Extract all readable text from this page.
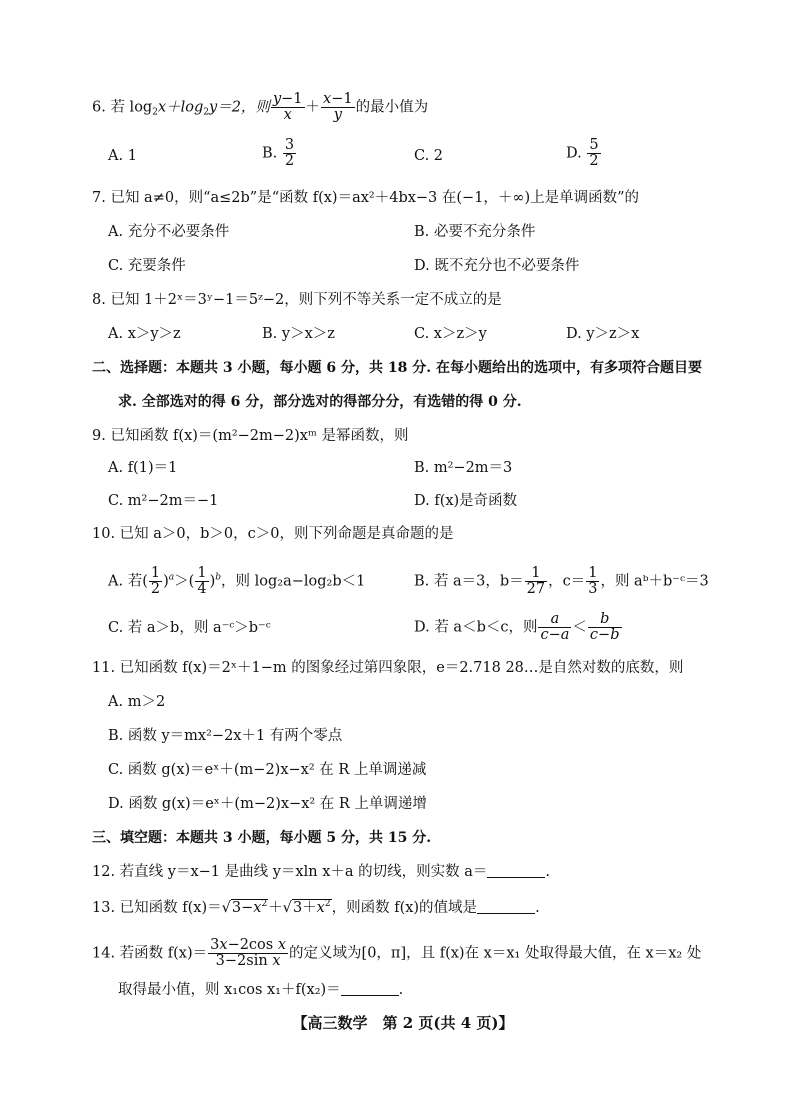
6. 若 $\log_2x+\log_2y=2$，则 $\frac{y-1}{x} + \frac{x-1}{y}$ 的最小值为
A. 1	B. $\frac{3}{2}$	C. 2	D. $\frac{5}{2}$
7. 已知 a≠0，则“a≤2b”是“函数 f(x)＝ax²＋4bx−3 在(−1，＋∞)上是单调函数”的
A. 充分不必要条件	B. 必要不充分条件
C. 充要条件	D. 既不充分也不必要条件
8. 已知 1＋2ˣ＝3ʸ−1＝5ᶻ−2，则下列不等关系一定不成立的是
A. x＞y＞z	B. y＞x＞z	C. x＞z＞y	D. y＞z＞x
二、选择题：本题共 3 小题，每小题 6 分，共 18 分. 在每小题给出的选项中，有多项符合题目要
求. 全部选对的得 6 分，部分选对的得部分分，有选错的得 0 分.
9. 已知函数 f(x)＝(m²−2m−2)xᵐ 是幂函数，则
A. f(1)＝1	B. m²−2m＝3
C. m²−2m＝−1	D. f(x)是奇函数
10. 已知 a＞0，b＞0，c＞0，则下列命题是真命题的是
A. 若( $\frac{1}{2} )^a>( \frac{1}{4} )^b$，则 log₂a−log₂b＜1	B. 若 a＝3，$b= \frac{1}{27}$ ，$c= \frac{1}{3}$ ，则 aᵇ＋b⁻ᶜ＝3
C. 若 a＞b，则 a⁻ᶜ＞b⁻ᶜ	D. 若 a＜b＜c，则 $\frac{a}{c-a} < \frac{b}{c-b}$
11. 已知函数 f(x)＝2ˣ＋1−m 的图象经过第四象限，e＝2.718 28…是自然对数的底数，则
A. m＞2
B. 函数 y＝mx²−2x＋1 有两个零点
C. 函数 g(x)＝eˣ＋(m−2)x−x² 在 R 上单调递减
D. 函数 g(x)＝eˣ＋(m−2)x−x² 在 R 上单调递增
三、填空题：本题共 3 小题，每小题 5 分，共 15 分.
12. 若直线 y＝x−1 是曲线 y＝xln x＋a 的切线，则实数 a＝	.
13. 已知函数 $f(x)=√3-x^2+√3+x^2$，则函数 f(x)的值域是	.
14. 若函数 $f(x)= \frac{\text{3x−2cos x}}{\text{3−2sin x}}$ 的定义域为[0，π]，且 f(x)在 x＝x₁ 处取得最大值，在 x＝x₂ 处
取得最小值，则 x₁cos x₁＋f(x₂)＝	.
【高三数学　第 2 页(共 4 页)】
